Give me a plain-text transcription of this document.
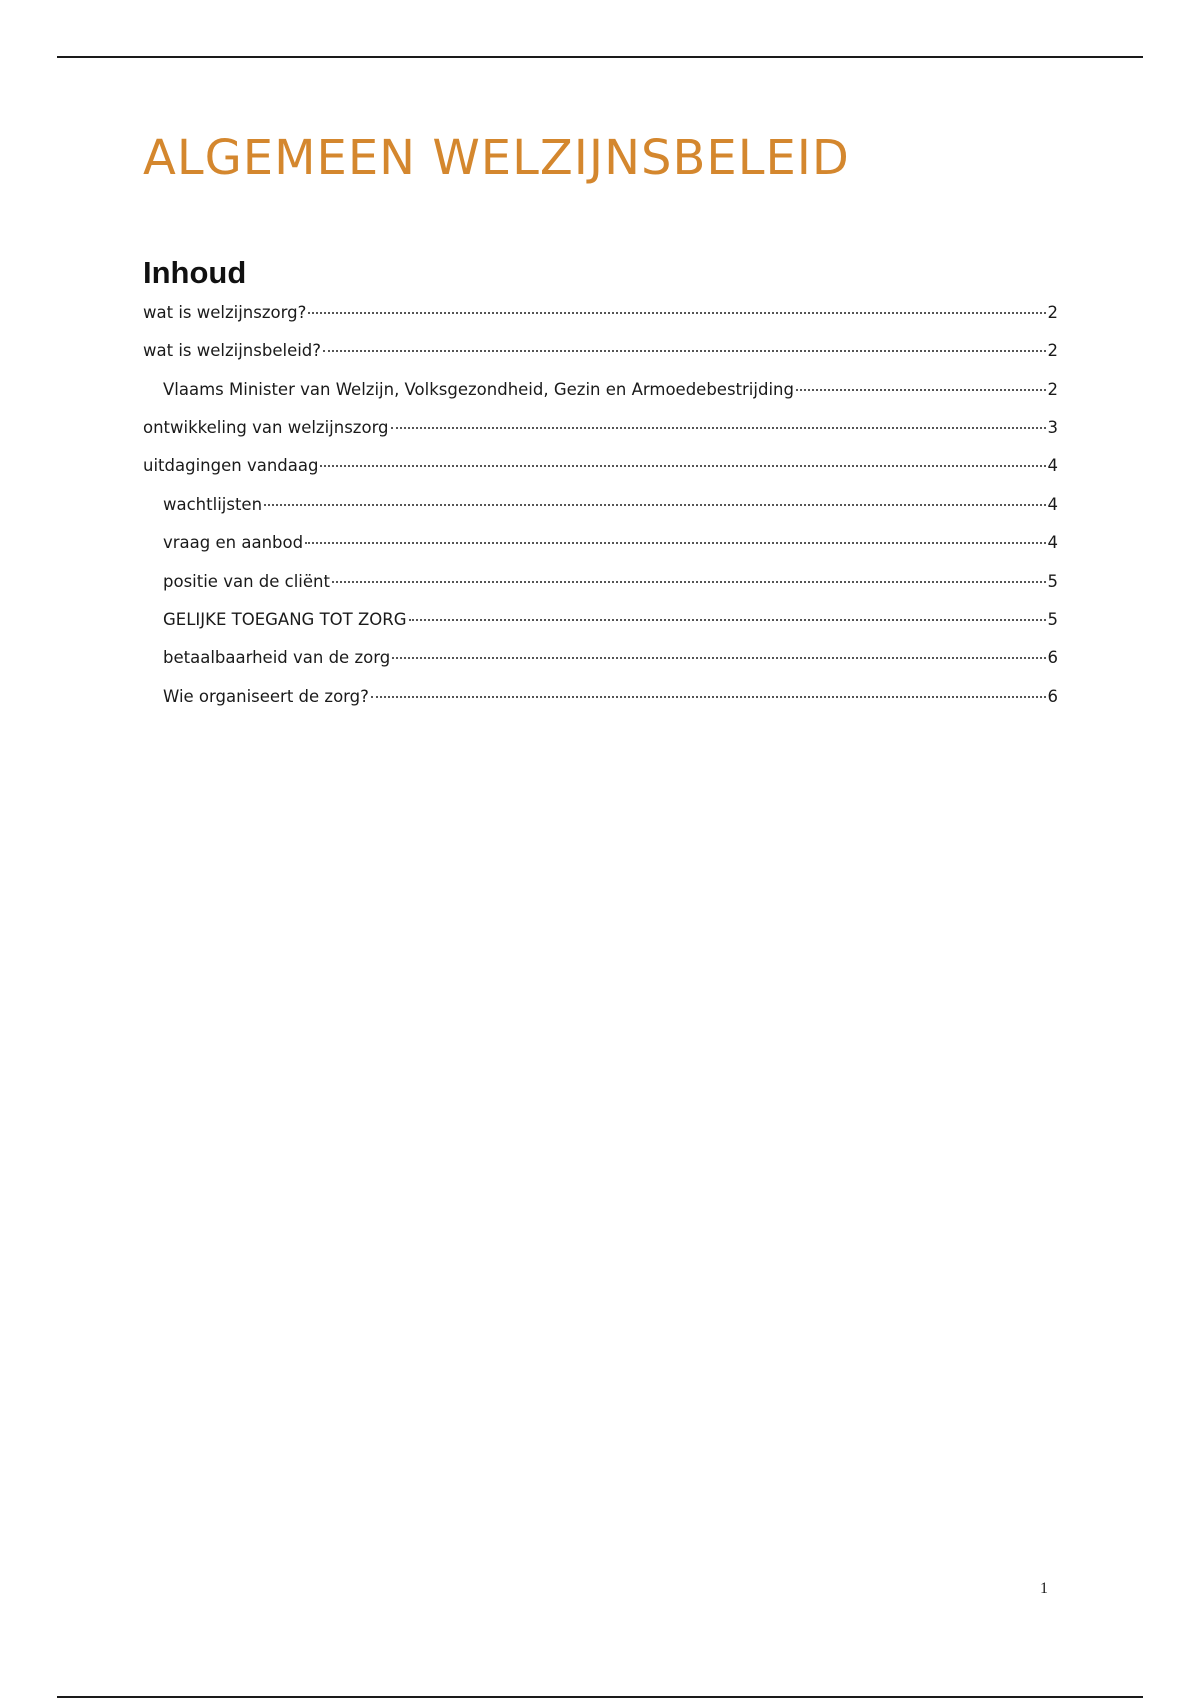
ALGEMEEN WELZIJNSBELEID
Inhoud
wat is welzijnszorg?	2
wat is welzijnsbeleid?	2
Vlaams Minister van Welzijn, Volksgezondheid, Gezin en Armoedebestrijding	2
ontwikkeling van welzijnszorg	3
uitdagingen vandaag	4
wachtlijsten	4
vraag en aanbod	4
positie van de cliënt	5
GELIJKE TOEGANG TOT ZORG	5
betaalbaarheid van de zorg	6
Wie organiseert de zorg?	6
1
